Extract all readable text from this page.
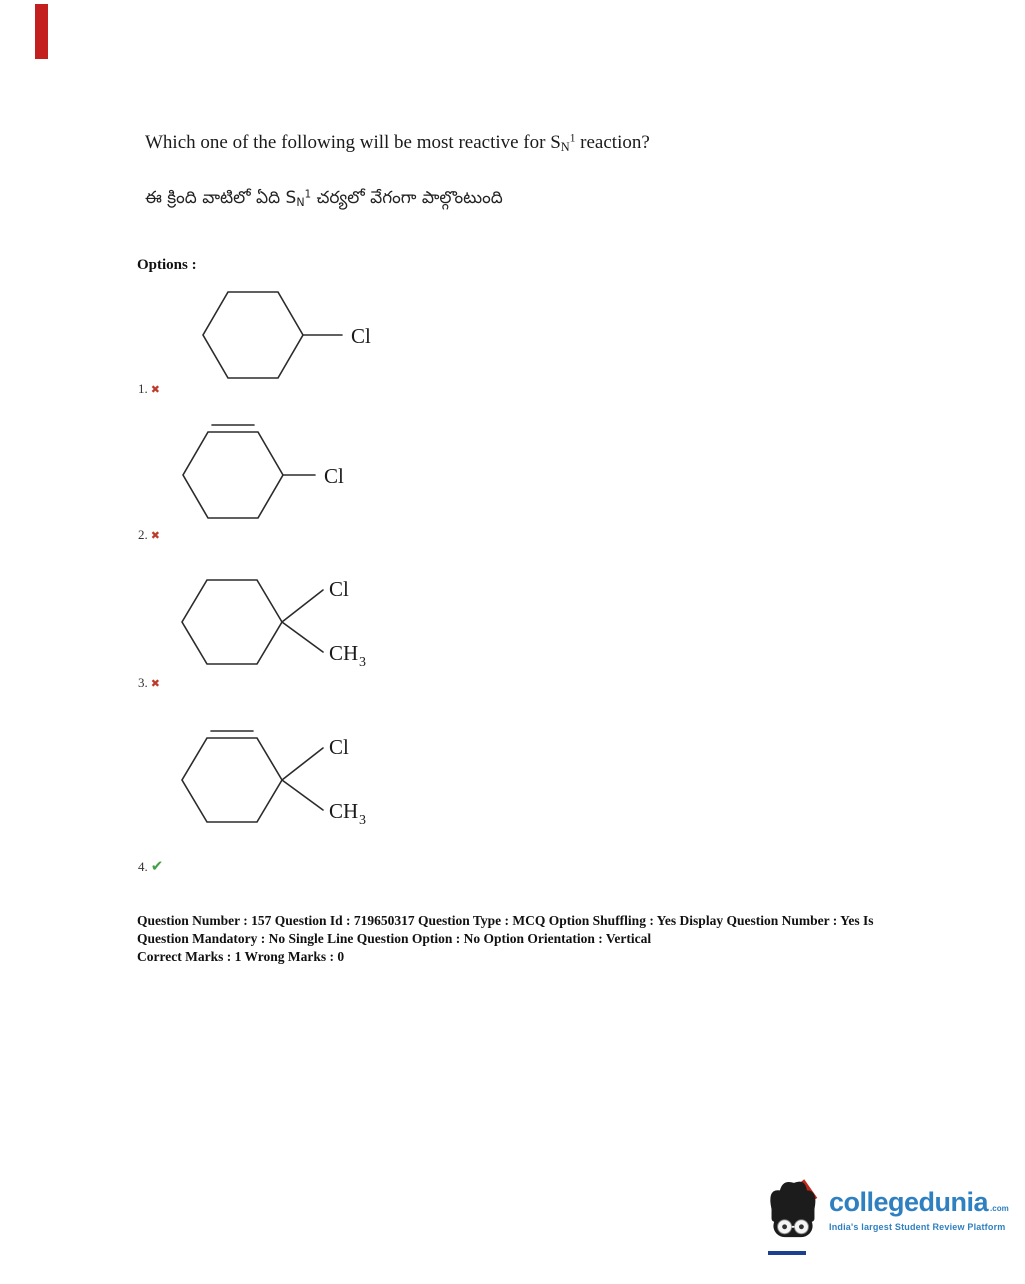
Which one of the following will be most reactive for $S_N^1$ reaction?
ఈ క్రింది వాటిలో ఏది $S_N^1$ చర్యలో వేగంగా పాల్గొంటుంది
Options :
Cl
1. ✖
Cl
2. ✖
Cl
CH 3
3. ✖
Cl
CH 3
4. ✔
Question Number : 157 Question Id : 719650317 Question Type : MCQ Option Shuffling : Yes Display Question Number : Yes Is Question Mandatory : No Single Line Question Option : No Option Orientation : Vertical
Correct Marks : 1 Wrong Marks : 0
collegedunia .com
India's largest Student Review Platform
